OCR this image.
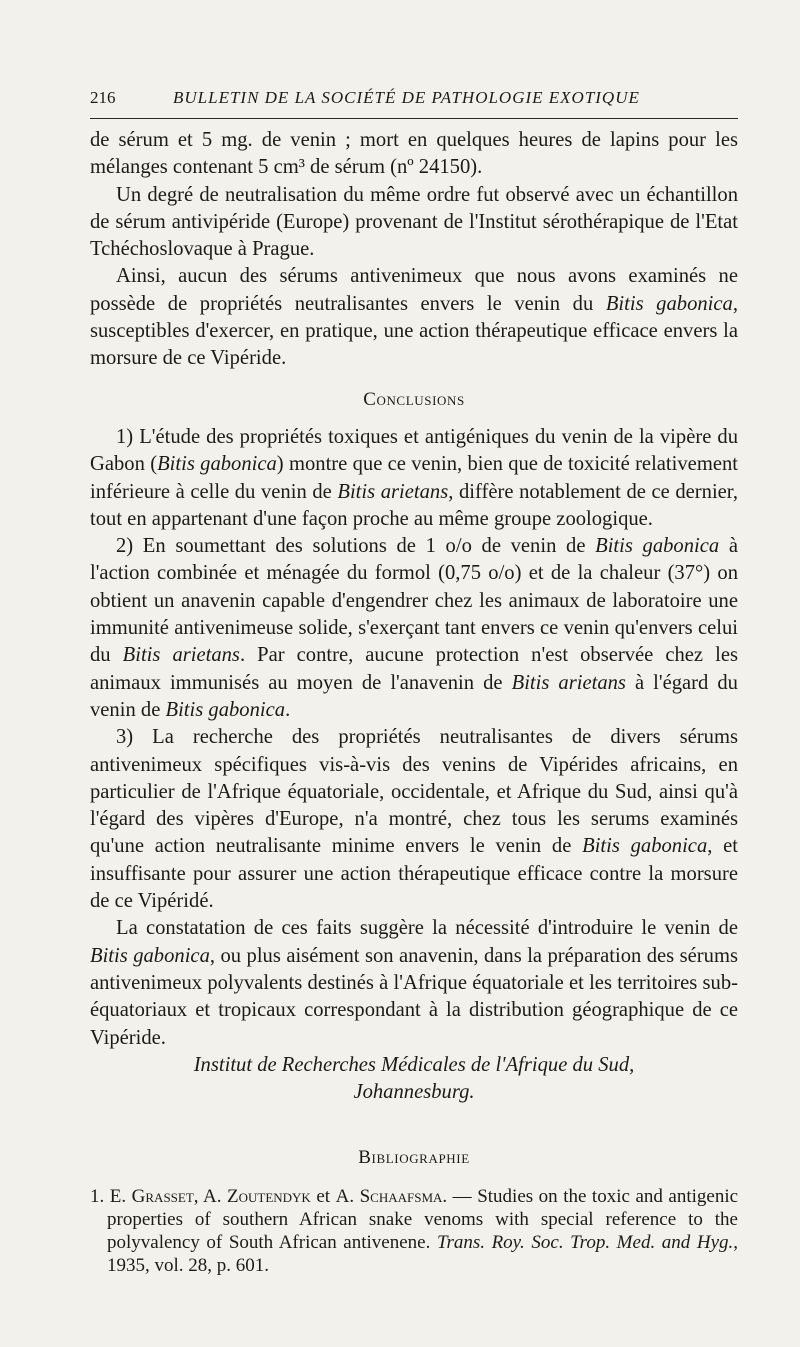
216	BULLETIN DE LA SOCIÉTÉ DE PATHOLOGIE EXOTIQUE

de sérum et 5 mg. de venin ; mort en quelques heures de lapins pour les mélanges contenant 5 cm³ de sérum (nº 24150).

Un degré de neutralisation du même ordre fut observé avec un échantillon de sérum antivipéride (Europe) provenant de l'Institut sérothérapique de l'Etat Tchéchoslovaque à Prague.

Ainsi, aucun des sérums antivenimeux que nous avons examinés ne possède de propriétés neutralisantes envers le venin du Bitis gabonica, susceptibles d'exercer, en pratique, une action thérapeutique efficace envers la morsure de ce Vipéride.

Conclusions

1) L'étude des propriétés toxiques et antigéniques du venin de la vipère du Gabon (Bitis gabonica) montre que ce venin, bien que de toxicité relativement inférieure à celle du venin de Bitis arietans, diffère notablement de ce dernier, tout en appartenant d'une façon proche au même groupe zoologique.

2) En soumettant des solutions de 1 o/o de venin de Bitis gabonica à l'action combinée et ménagée du formol (0,75 o/o) et de la chaleur (37°) on obtient un anavenin capable d'engendrer chez les animaux de laboratoire une immunité antivenimeuse solide, s'exerçant tant envers ce venin qu'envers celui du Bitis arietans. Par contre, aucune protection n'est observée chez les animaux immunisés au moyen de l'anavenin de Bitis arietans à l'égard du venin de Bitis gabonica.

3) La recherche des propriétés neutralisantes de divers sérums antivenimeux spécifiques vis-à-vis des venins de Vipérides africains, en particulier de l'Afrique équatoriale, occidentale, et Afrique du Sud, ainsi qu'à l'égard des vipères d'Europe, n'a montré, chez tous les serums examinés qu'une action neutralisante minime envers le venin de Bitis gabonica, et insuffisante pour assurer une action thérapeutique efficace contre la morsure de ce Vipéridé.

La constatation de ces faits suggère la nécessité d'introduire le venin de Bitis gabonica, ou plus aisément son anavenin, dans la préparation des sérums antivenimeux polyvalents destinés à l'Afrique équatoriale et les territoires sub-équatoriaux et tropicaux correspondant à la distribution géographique de ce Vipéride.

Institut de Recherches Médicales de l'Afrique du Sud,
Johannesburg.

Bibliographie

1. E. Grasset, A. Zoutendyk et A. Schaafsma. — Studies on the toxic and antigenic properties of southern African snake venoms with special reference to the polyvalency of South African antivenene. Trans. Roy. Soc. Trop. Med. and Hyg., 1935, vol. 28, p. 601.
